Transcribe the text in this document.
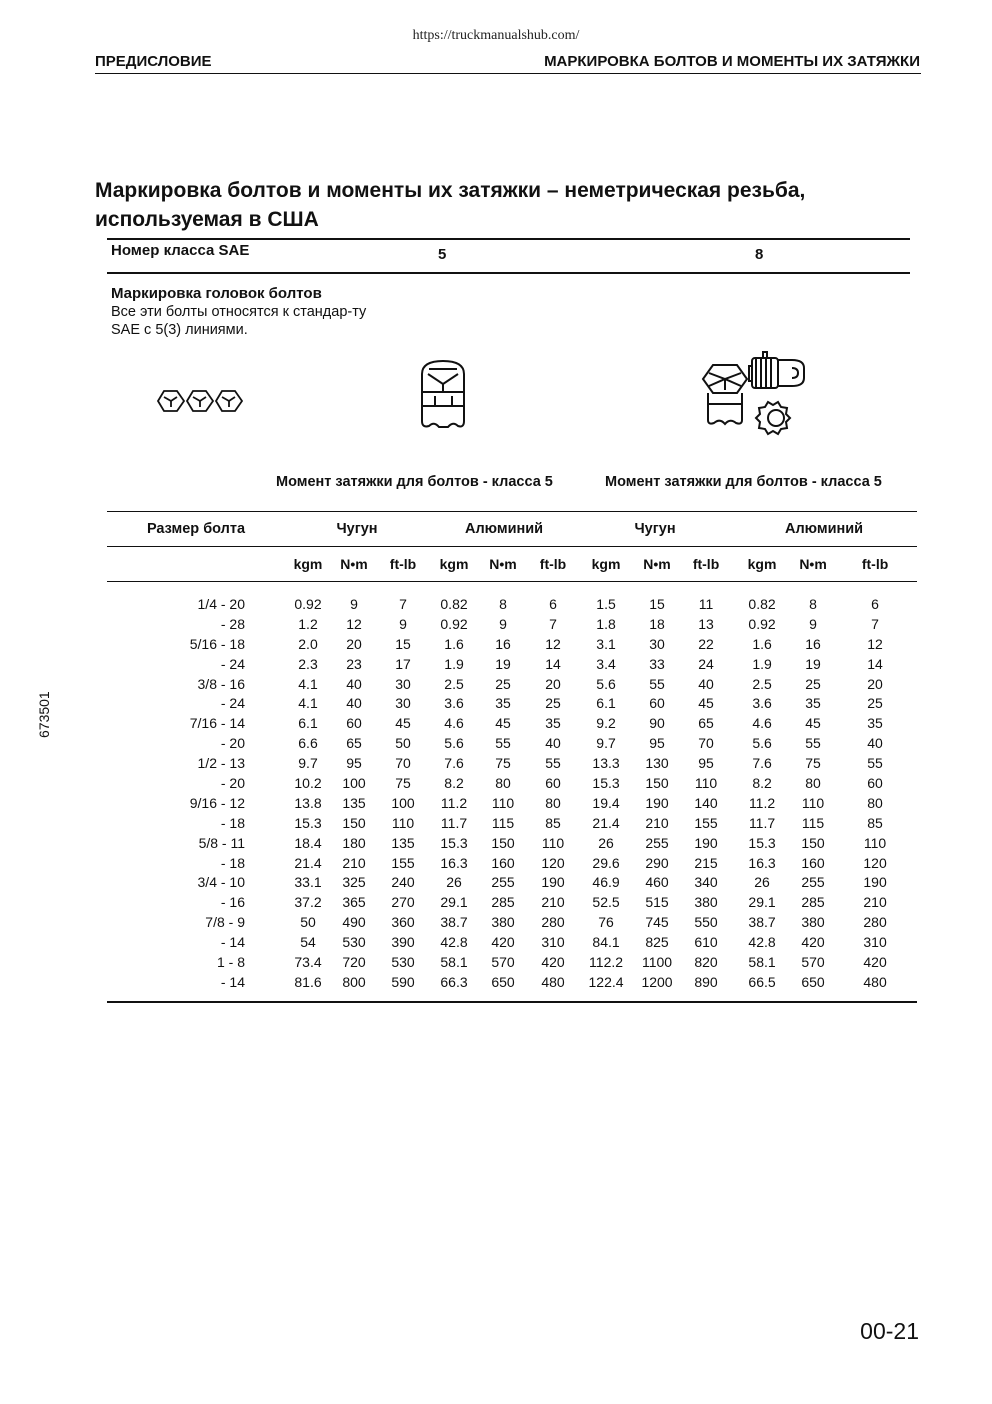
https://truckmanualshub.com/
ПРЕДИСЛОВИЕ	МАРКИРОВКА БОЛТОВ И МОМЕНТЫ ИХ ЗАТЯЖКИ
Маркировка болтов и моменты их затяжки – неметрическая резьба, используемая в США
Номер класса SAE	5	8
Маркировка головок болтов
Все эти болты относятся к стандар-ту SAE с 5(3) линиями.
Момент затяжки для болтов - класса 5	Момент затяжки для болтов - класса 5
673501
Размер болта	Чугун			Алюминий			Чугун			Алюминий		
	kgm	N•m	ft-lb	kgm	N•m	ft-lb	kgm	N•m	ft-lb	kgm	N•m	ft-lb

1/4 - 20	0.92	9	7	0.82	8	6	1.5	15	11	0.82	8	6
- 28	1.2	12	9	0.92	9	7	1.8	18	13	0.92	9	7
5/16 - 18	2.0	20	15	1.6	16	12	3.1	30	22	1.6	16	12
- 24	2.3	23	17	1.9	19	14	3.4	33	24	1.9	19	14
3/8 - 16	4.1	40	30	2.5	25	20	5.6	55	40	2.5	25	20
- 24	4.1	40	30	3.6	35	25	6.1	60	45	3.6	35	25
7/16 - 14	6.1	60	45	4.6	45	35	9.2	90	65	4.6	45	35
- 20	6.6	65	50	5.6	55	40	9.7	95	70	5.6	55	40
1/2 - 13	9.7	95	70	7.6	75	55	13.3	130	95	7.6	75	55
- 20	10.2	100	75	8.2	80	60	15.3	150	110	8.2	80	60
9/16 - 12	13.8	135	100	11.2	110	80	19.4	190	140	11.2	110	80
- 18	15.3	150	110	11.7	115	85	21.4	210	155	11.7	115	85
5/8 - 11	18.4	180	135	15.3	150	110	26	255	190	15.3	150	110
- 18	21.4	210	155	16.3	160	120	29.6	290	215	16.3	160	120
3/4 - 10	33.1	325	240	26	255	190	46.9	460	340	26	255	190
- 16	37.2	365	270	29.1	285	210	52.5	515	380	29.1	285	210
7/8 - 9	50	490	360	38.7	380	280	76	745	550	38.7	380	280
- 14	54	530	390	42.8	420	310	84.1	825	610	42.8	420	310
1 - 8	73.4	720	530	58.1	570	420	112.2	1100	820	58.1	570	420
- 14	81.6	800	590	66.3	650	480	122.4	1200	890	66.5	650	480
00-21
